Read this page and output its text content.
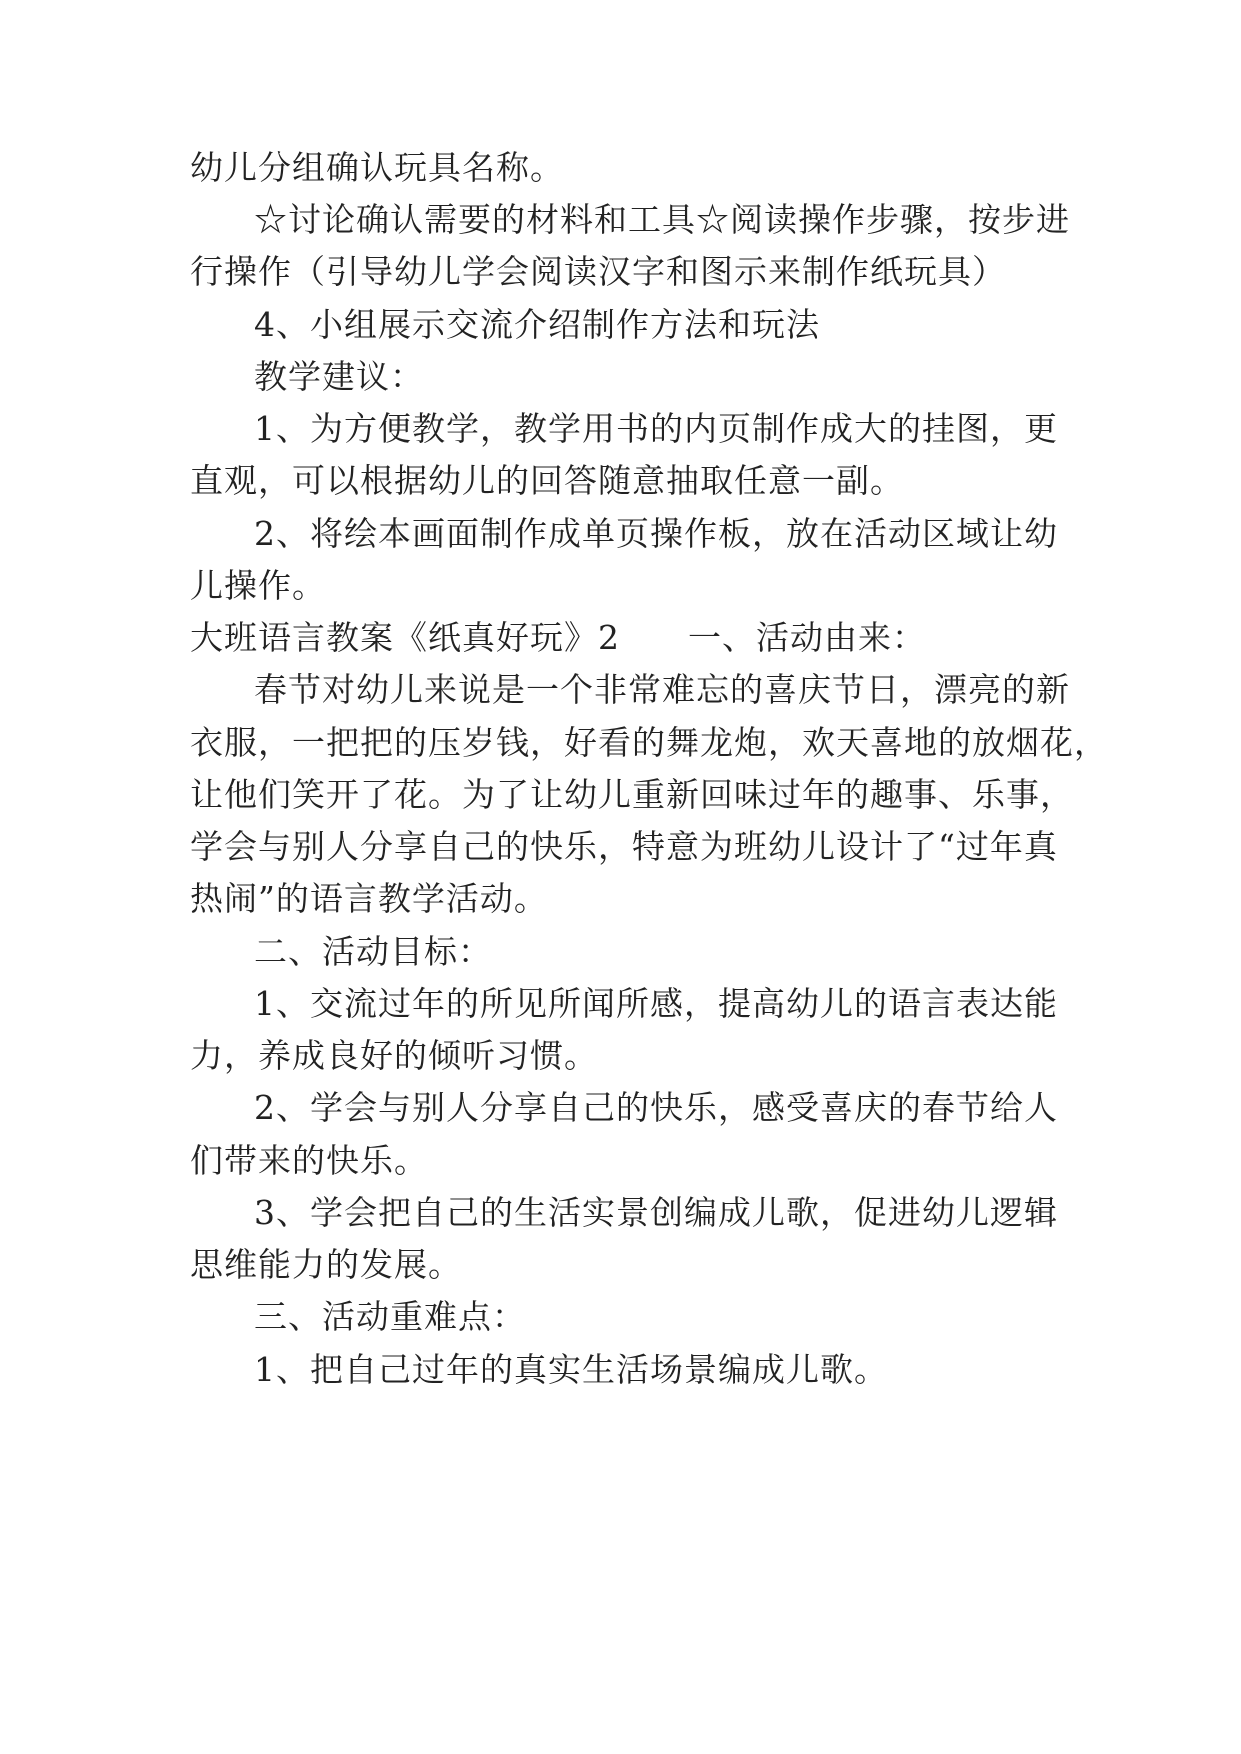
幼儿分组确认玩具名称。
☆讨论确认需要的材料和工具☆阅读操作步骤，按步进
行操作（引导幼儿学会阅读汉字和图示来制作纸玩具）
4、小组展示交流介绍制作方法和玩法
教学建议：
1、为方便教学，教学用书的内页制作成大的挂图，更
直观，可以根据幼儿的回答随意抽取任意一副。
2、将绘本画面制作成单页操作板，放在活动区域让幼
儿操作。
大班语言教案《纸真好玩》2 一、活动由来：
春节对幼儿来说是一个非常难忘的喜庆节日，漂亮的新
衣服，一把把的压岁钱，好看的舞龙炮，欢天喜地的放烟花，
让他们笑开了花。为了让幼儿重新回味过年的趣事、乐事，
学会与别人分享自己的快乐，特意为班幼儿设计了“过年真
热闹”的语言教学活动。
二、活动目标：
1、交流过年的所见所闻所感，提高幼儿的语言表达能
力，养成良好的倾听习惯。
2、学会与别人分享自己的快乐，感受喜庆的春节给人
们带来的快乐。
3、学会把自己的生活实景创编成儿歌，促进幼儿逻辑
思维能力的发展。
三、活动重难点：
1、把自己过年的真实生活场景编成儿歌。
